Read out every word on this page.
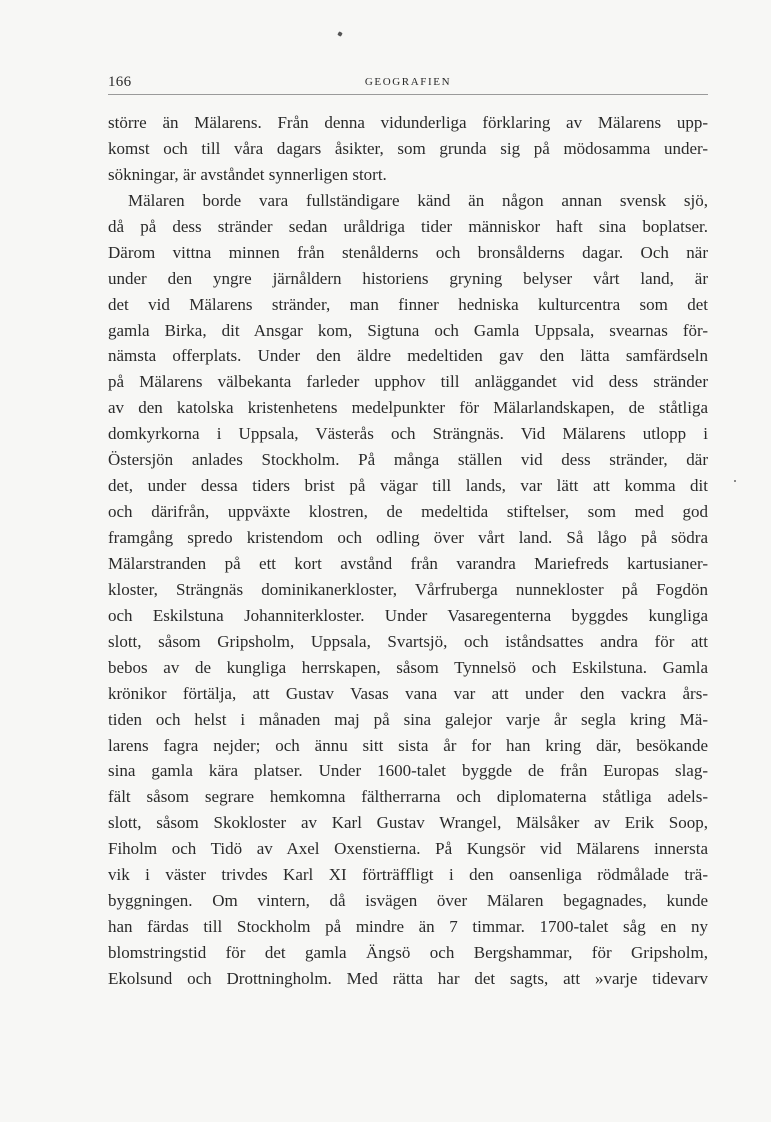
166	GEOGRAFIEN
större än Mälarens. Från denna vidunderliga förklaring av Mälarens upp-
komst och till våra dagars åsikter, som grunda sig på mödosamma under-
sökningar, är avståndet synnerligen stort.
Mälaren borde vara fullständigare känd än någon annan svensk sjö,
då på dess stränder sedan uråldriga tider människor haft sina boplatser.
Därom vittna minnen från stenålderns och bronsålderns dagar. Och när
under den yngre järnåldern historiens gryning belyser vårt land, är
det vid Mälarens stränder, man finner hedniska kulturcentra som det
gamla Birka, dit Ansgar kom, Sigtuna och Gamla Uppsala, svearnas för-
nämsta offerplats. Under den äldre medeltiden gav den lätta samfärdseln
på Mälarens välbekanta farleder upphov till anläggandet vid dess stränder
av den katolska kristenhetens medelpunkter för Mälarlandskapen, de ståtliga
domkyrkorna i Uppsala, Västerås och Strängnäs. Vid Mälarens utlopp i
Östersjön anlades Stockholm. På många ställen vid dess stränder, där
det, under dessa tiders brist på vägar till lands, var lätt att komma dit
och därifrån, uppväxte klostren, de medeltida stiftelser, som med god
framgång spredo kristendom och odling över vårt land. Så lågo på södra
Mälarstranden på ett kort avstånd från varandra Mariefreds kartusianer-
kloster, Strängnäs dominikanerkloster, Vårfruberga nunnekloster på Fogdön
och Eskilstuna Johanniterkloster. Under Vasaregenterna byggdes kungliga
slott, såsom Gripsholm, Uppsala, Svartsjö, och iståndsattes andra för att
bebos av de kungliga herrskapen, såsom Tynnelsö och Eskilstuna. Gamla
krönikor förtälja, att Gustav Vasas vana var att under den vackra års-
tiden och helst i månaden maj på sina galejor varje år segla kring Mä-
larens fagra nejder; och ännu sitt sista år for han kring där, besökande
sina gamla kära platser. Under 1600-talet byggde de från Europas slag-
fält såsom segrare hemkomna fältherrarna och diplomaterna ståtliga adels-
slott, såsom Skokloster av Karl Gustav Wrangel, Mälsåker av Erik Soop,
Fiholm och Tidö av Axel Oxenstierna. På Kungsör vid Mälarens innersta
vik i väster trivdes Karl XI förträffligt i den oansenliga rödmålade trä-
byggningen. Om vintern, då isvägen över Mälaren begagnades, kunde
han färdas till Stockholm på mindre än 7 timmar. 1700-talet såg en ny
blomstringstid för det gamla Ängsö och Bergshammar, för Gripsholm,
Ekolsund och Drottningholm. Med rätta har det sagts, att »varje tidevarv
